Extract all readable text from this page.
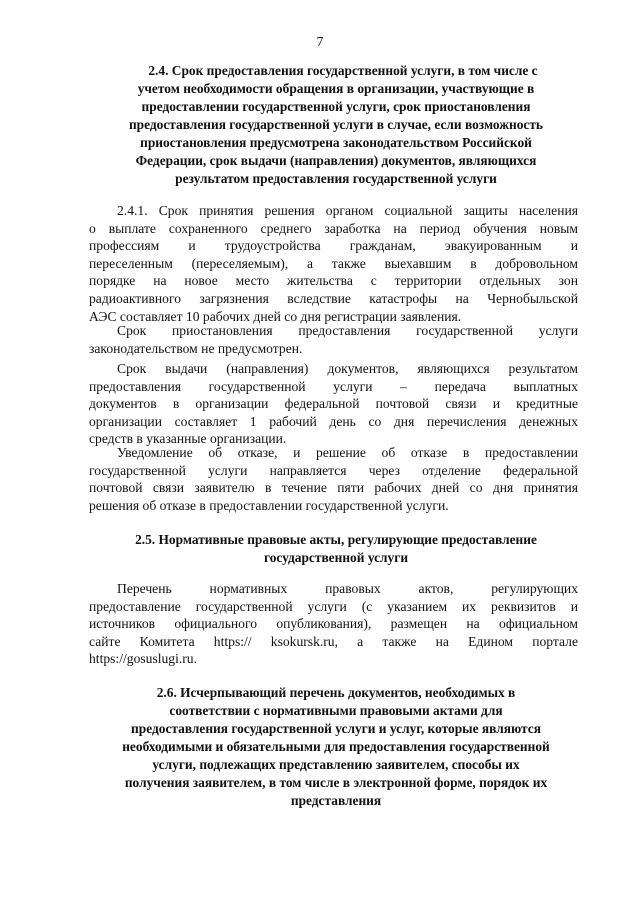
7
2.4. Срок предоставления государственной услуги, в том числе с
учетом необходимости обращения в организации, участвующие в
предоставлении государственной услуги, срок приостановления
предоставления государственной услуги в случае, если возможность
приостановления предусмотрена законодательством Российской
Федерации, срок выдачи (направления) документов, являющихся
результатом предоставления государственной услуги
2.4.1. Срок принятия решения органом социальной защиты населения
о выплате сохраненного среднего заработка на период обучения новым
профессиям и трудоустройства гражданам, эвакуированным и
переселенным (переселяемым), а также выехавшим в добровольном
порядке на новое место жительства с территории отдельных зон
радиоактивного загрязнения вследствие катастрофы на Чернобыльской
АЭС составляет 10 рабочих дней со дня регистрации заявления.
Срок приостановления предоставления государственной услуги
законодательством не предусмотрен.
Срок выдачи (направления) документов, являющихся результатом
предоставления государственной услуги – передача выплатных
документов в организации федеральной почтовой связи и кредитные
организации составляет 1 рабочий день со дня перечисления денежных
средств в указанные организации.
Уведомление об отказе, и решение об отказе в предоставлении
государственной услуги направляется через отделение федеральной
почтовой связи заявителю в течение пяти рабочих дней со дня принятия
решения об отказе в предоставлении государственной услуги.
2.5. Нормативные правовые акты, регулирующие предоставление
государственной услуги
Перечень нормативных правовых актов, регулирующих
предоставление государственной услуги (с указанием их реквизитов и
источников официального опубликования), размещен на официальном
сайте Комитета https:// ksokursk.ru, а также на Едином портале
https://gosuslugi.ru.
2.6. Исчерпывающий перечень документов, необходимых в
соответствии с нормативными правовыми актами для
предоставления государственной услуги и услуг, которые являются
необходимыми и обязательными для предоставления государственной
услуги, подлежащих представлению заявителем, способы их
получения заявителем, в том числе в электронной форме, порядок их
представления
